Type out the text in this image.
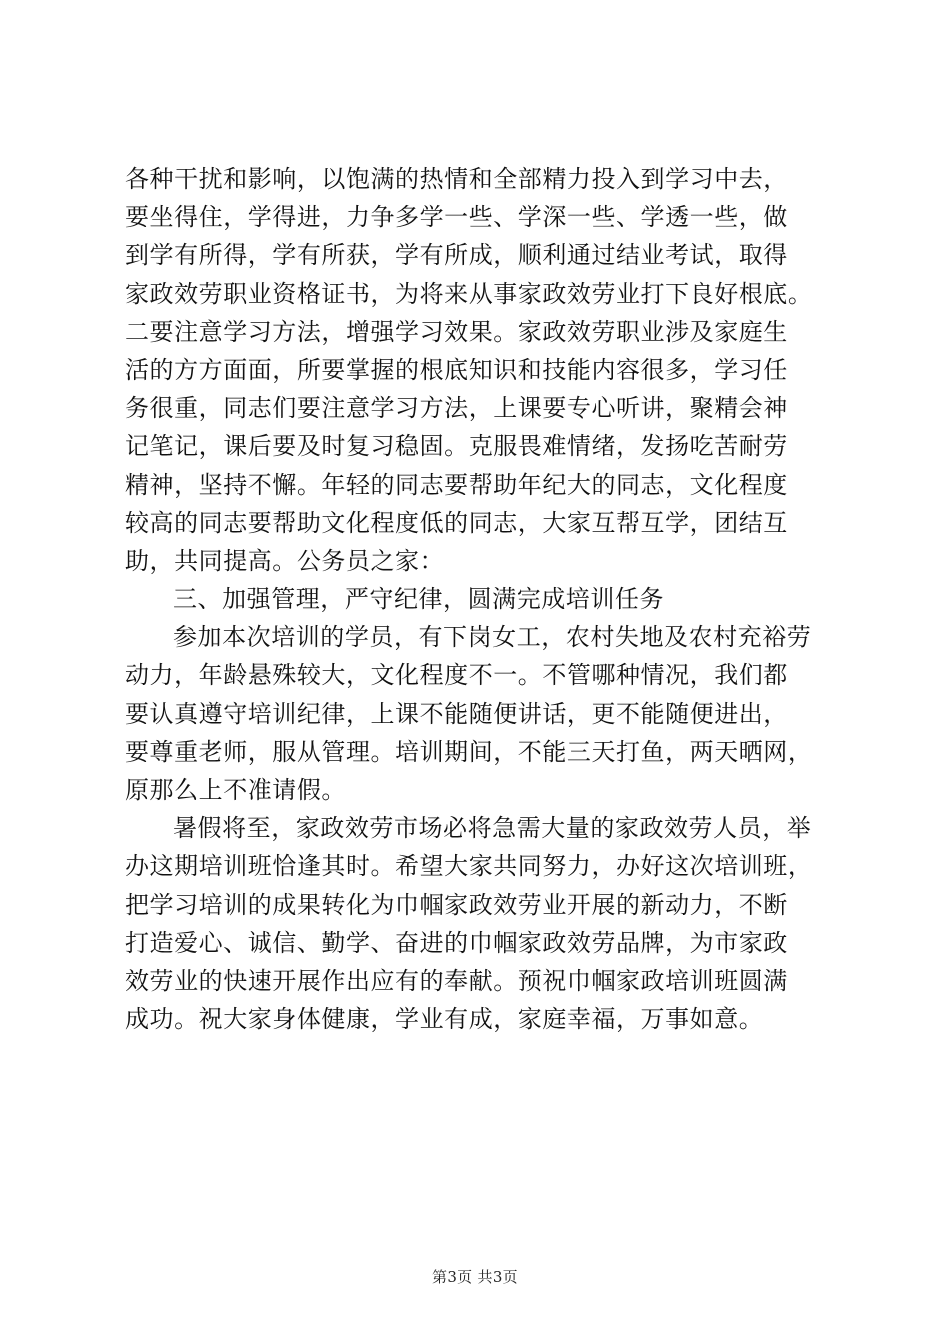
各种干扰和影响，以饱满的热情和全部精力投入到学习中去，
要坐得住，学得进，力争多学一些、学深一些、学透一些，做
到学有所得，学有所获，学有所成，顺利通过结业考试，取得
家政效劳职业资格证书，为将来从事家政效劳业打下良好根底。
二要注意学习方法，增强学习效果。家政效劳职业涉及家庭生
活的方方面面，所要掌握的根底知识和技能内容很多，学习任
务很重，同志们要注意学习方法，上课要专心听讲，聚精会神
记笔记，课后要及时复习稳固。克服畏难情绪，发扬吃苦耐劳
精神，坚持不懈。年轻的同志要帮助年纪大的同志，文化程度
较高的同志要帮助文化程度低的同志，大家互帮互学，团结互
助，共同提高。公务员之家：
三、加强管理，严守纪律，圆满完成培训任务
参加本次培训的学员，有下岗女工，农村失地及农村充裕劳
动力，年龄悬殊较大，文化程度不一。不管哪种情况，我们都
要认真遵守培训纪律，上课不能随便讲话，更不能随便进出，
要尊重老师，服从管理。培训期间，不能三天打鱼，两天晒网，
原那么上不准请假。
暑假将至，家政效劳市场必将急需大量的家政效劳人员，举
办这期培训班恰逢其时。希望大家共同努力，办好这次培训班，
把学习培训的成果转化为巾帼家政效劳业开展的新动力，不断
打造爱心、诚信、勤学、奋进的巾帼家政效劳品牌，为市家政
效劳业的快速开展作出应有的奉献。预祝巾帼家政培训班圆满
成功。祝大家身体健康，学业有成，家庭幸福，万事如意。
第3页 共3页
